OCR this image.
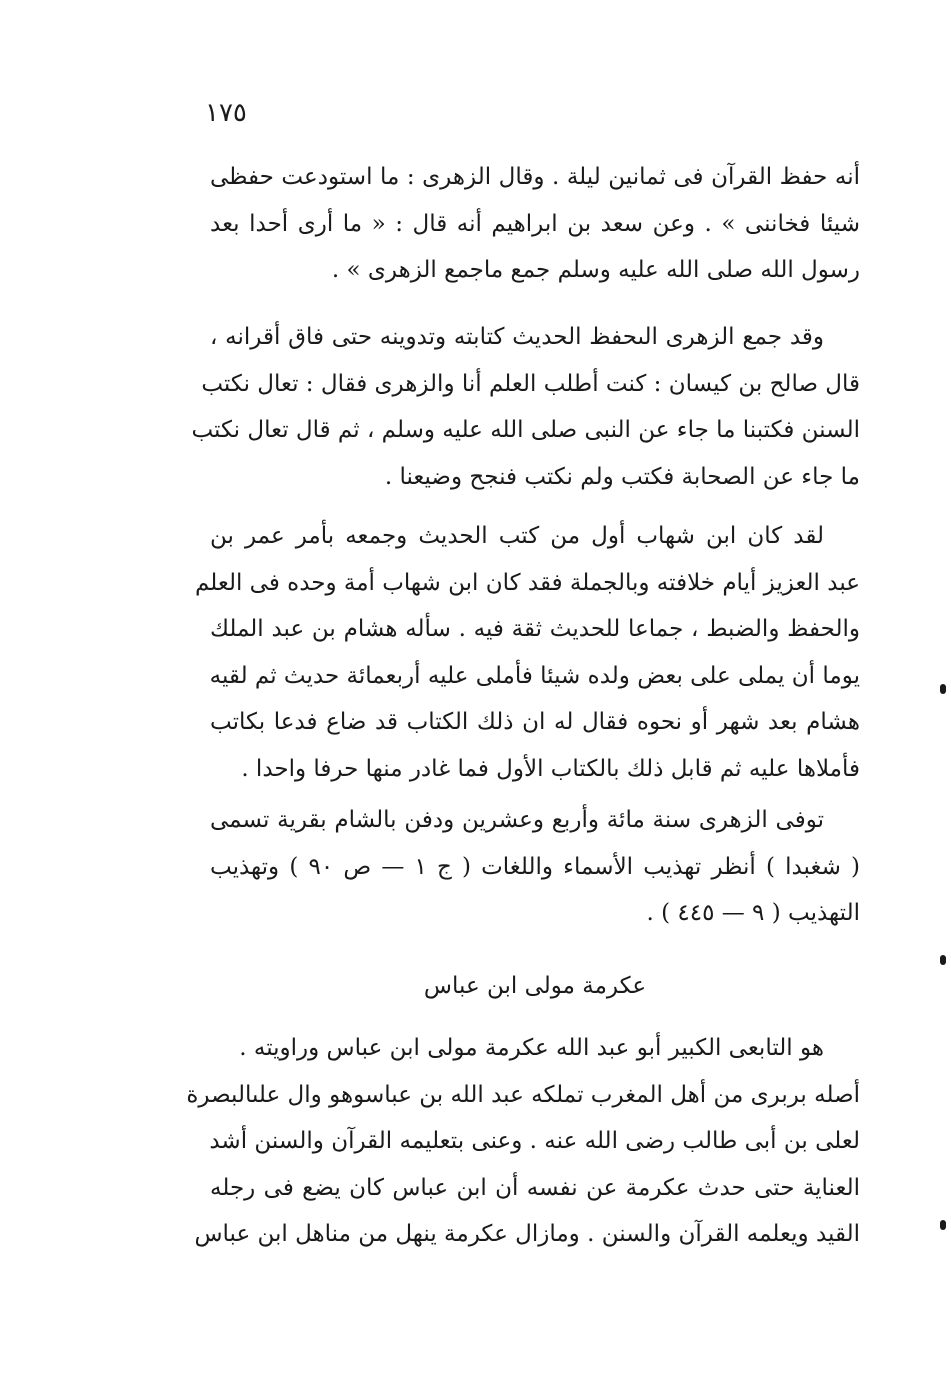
١٧٥
أنه حفظ القرآن فى ثمانين ليلة . وقال الزهرى : ما استودعت حفظى
شيئا فخاننى » . وعن سعد بن ابراهيم أنه قال : « ما أرى أحدا بعد
رسول الله صلى الله عليه وسلم جمع ماجمع الزهرى » .
وقد جمع الزهرى الىحفظ الحديث كتابته وتدوينه حتى فاق أقرانه ،
قال صالح بن كيسان : كنت أطلب العلم أنا والزهرى فقال : تعال نكتب
السنن فكتبنا ما جاء عن النبى صلى الله عليه وسلم ، ثم قال تعال نكتب
ما جاء عن الصحابة فكتب ولم نكتب فنجح وضيعنا .
لقد كان ابن شهاب أول من كتب الحديث وجمعه بأمر عمر بن
عبد العزيز أيام خلافته وبالجملة فقد كان ابن شهاب أمة وحده فى العلم
والحفظ والضبط ، جماعا للحديث ثقة فيه . سأله هشام بن عبد الملك
يوما أن يملى على بعض ولده شيئا فأملى عليه أربعمائة حديث ثم لقيه
هشام بعد شهر أو نحوه فقال له ان ذلك الكتاب قد ضاع فدعا بكاتب
فأملاها عليه ثم قابل ذلك بالكتاب الأول فما غادر منها حرفا واحدا .
توفى الزهرى سنة مائة وأربع وعشرين ودفن بالشام بقرية تسمى
( شغبدا ) أنظر تهذيب الأسماء واللغات ( ج ١ — ص ٩٠ ) وتهذيب
التهذيب ( ٩ — ٤٤٥ ) .
عكرمة مولى ابن عباس
هو التابعى الكبير أبو عبد الله عكرمة مولى ابن عباس وراويته .
أصله بربرى من أهل المغرب تملكه عبد الله بن عباسوهو وال علىالبصرة
لعلى بن أبى طالب رضى الله عنه . وعنى بتعليمه القرآن والسنن أشد
العناية حتى حدث عكرمة عن نفسه أن ابن عباس كان يضع فى رجله
القيد ويعلمه القرآن والسنن . ومازال عكرمة ينهل من مناهل ابن عباس
